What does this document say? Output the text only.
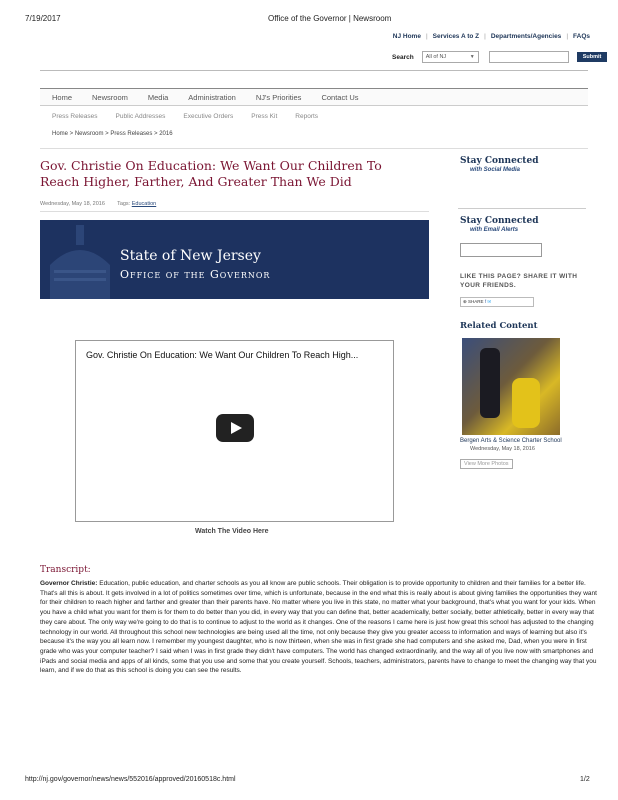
7/19/2017	Office of the Governor | Newsroom
NJ Home | Services A to Z | Departments/Agencies | FAQs
Search	All of NJ	▼	Submit
Home	Newsroom	Media	Administration	NJ's Priorities	Contact Us
Press Releases	Public Addresses	Executive Orders	Press Kit	Reports
Home > Newsroom > Press Releases > 2016
Gov. Christie On Education: We Want Our Children To Reach Higher, Farther, And Greater Than We Did
Wednesday, May 18, 2016 Tags: Education
State of New Jersey
Office of the Governor
Gov. Christie On Education: We Want Our Children To Reach High...
Watch The Video Here
Transcript:
Governor Christie: Education, public education, and charter schools as you all know are public schools. Their obligation is to provide opportunity to children and their families for a better life. That's all this is about. It gets involved in a lot of politics sometimes over time, which is unfortunate, because in the end what this is really about is about giving families the opportunities they want for their children to reach higher and farther and greater than their parents have. No matter where you live in this state, no matter what your background, that's what you want for your kids. When you have a child what you want for them is for them to do better than you did, in every way that you can define that, better academically, better socially, better athletically, better in every way that they care about. The only way we're going to do that is to continue to adjust to the world as it changes. One of the reasons I came here is just how great this school has adjusted to the changing technology in our world. All throughout this school new technologies are being used all the time, not only because they give you greater access to information and ways of learning but also it's because it's the way you all learn now. I remember my youngest daughter, who is now thirteen, when she was in first grade she had computers and she asked me, Dad, when you were in first grade who was your computer teacher? I said when I was in first grade they didn't have computers. The world has changed extraordinarily, and the way all of you live now with smartphones and iPads and social media and apps of all kinds, some that you use and some that you create yourself. Schools, teachers, administrators, parents have to change to meet the changing way that you learn, and if we do that as this school is doing you can see the results.
Stay Connected
with Social Media
Stay Connected
with Email Alerts
LIKE THIS PAGE? SHARE IT WITH YOUR FRIENDS.
⊕ SHARE f ✉
Related Content
Bergen Arts & Science Charter School
Wednesday, May 18, 2016
View More Photos
http://nj.gov/governor/news/news/552016/approved/20160518c.html	1/2
